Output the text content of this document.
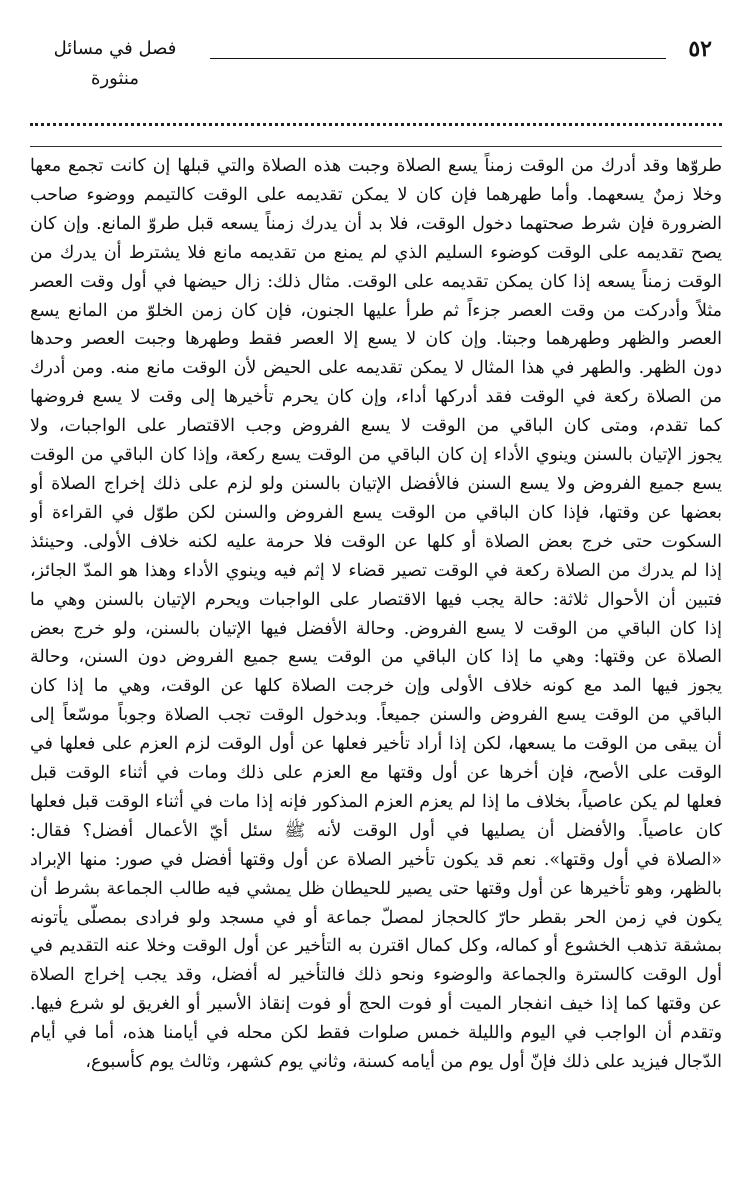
٥٢
فصل في مسائل منثورة
طروّها وقد أدرك من الوقت زمناً يسع الصلاة وجبت هذه الصلاة والتي قبلها إن كانت تجمع معها
وخلا زمنٌ يسعهما. وأما طهرهما فإن كان لا يمكن تقديمه على الوقت كالتيمم ووضوء صاحب
الضرورة فإن شرط صحتهما دخول الوقت، فلا بد أن يدرك زمناً يسعه قبل طروّ المانع. وإن كان
يصح تقديمه على الوقت كوضوء السليم الذي لم يمنع من تقديمه مانع فلا يشترط أن يدرك من
الوقت زمناً يسعه إذا كان يمكن تقديمه على الوقت. مثال ذلك: زال حيضها في أول وقت العصر
مثلاً وأدركت من وقت العصر جزءاً ثم طرأ عليها الجنون، فإن كان زمن الخلوّ من المانع يسع
العصر والظهر وطهرهما وجبتا. وإن كان لا يسع إلا العصر فقط وطهرها وجبت العصر وحدها
دون الظهر. والطهر في هذا المثال لا يمكن تقديمه على الحيض لأن الوقت مانع منه. ومن أدرك
من الصلاة ركعة في الوقت فقد أدركها أداء، وإن كان يحرم تأخيرها إلى وقت لا يسع فروضها
كما تقدم، ومتى كان الباقي من الوقت لا يسع الفروض وجب الاقتصار على الواجبات، ولا
يجوز الإتيان بالسنن وينوي الأداء إن كان الباقي من الوقت يسع ركعة، وإذا كان الباقي من الوقت
يسع جميع الفروض ولا يسع السنن فالأفضل الإتيان بالسنن ولو لزم على ذلك إخراج الصلاة أو
بعضها عن وقتها، فإذا كان الباقي من الوقت يسع الفروض والسنن لكن طوّل في القراءة أو
السكوت حتى خرج بعض الصلاة أو كلها عن الوقت فلا حرمة عليه لكنه خلاف الأولى. وحينئذ
إذا لم يدرك من الصلاة ركعة في الوقت تصير قضاء لا إثم فيه وينوي الأداء وهذا هو المدّ الجائز،
فتبين أن الأحوال ثلاثة: حالة يجب فيها الاقتصار على الواجبات ويحرم الإتيان بالسنن وهي ما
إذا كان الباقي من الوقت لا يسع الفروض. وحالة الأفضل فيها الإتيان بالسنن، ولو خرج بعض
الصلاة عن وقتها: وهي ما إذا كان الباقي من الوقت يسع جميع الفروض دون السنن، وحالة
يجوز فيها المد مع كونه خلاف الأولى وإن خرجت الصلاة كلها عن الوقت، وهي ما إذا كان
الباقي من الوقت يسع الفروض والسنن جميعاً. وبدخول الوقت تجب الصلاة وجوباً موسّعاً إلى
أن يبقى من الوقت ما يسعها، لكن إذا أراد تأخير فعلها عن أول الوقت لزم العزم على فعلها في
الوقت على الأصح، فإن أخرها عن أول وقتها مع العزم على ذلك ومات في أثناء الوقت قبل
فعلها لم يكن عاصياً، بخلاف ما إذا لم يعزم العزم المذكور فإنه إذا مات في أثناء الوقت قبل فعلها
كان عاصياً. والأفضل أن يصليها في أول الوقت لأنه ﷺ سئل أيّ الأعمال أفضل؟ فقال:
«الصلاة في أول وقتها». نعم قد يكون تأخير الصلاة عن أول وقتها أفضل في صور: منها الإبراد
بالظهر، وهو تأخيرها عن أول وقتها حتى يصير للحيطان ظل يمشي فيه طالب الجماعة بشرط أن
يكون في زمن الحر بقطر حارّ كالحجاز لمصلّ جماعة أو في مسجد ولو فرادى بمصلّى يأتونه
بمشقة تذهب الخشوع أو كماله، وكل كمال اقترن به التأخير عن أول الوقت وخلا عنه التقديم في
أول الوقت كالسترة والجماعة والوضوء ونحو ذلك فالتأخير له أفضل، وقد يجب إخراج الصلاة
عن وقتها كما إذا خيف انفجار الميت أو فوت الحج أو فوت إنقاذ الأسير أو الغريق لو شرع فيها.
وتقدم أن الواجب في اليوم والليلة خمس صلوات فقط لكن محله في أيامنا هذه، أما في أيام
الدّجال فيزيد على ذلك فإنّ أول يوم من أيامه كسنة، وثاني يوم كشهر، وثالث يوم كأسبوع،
